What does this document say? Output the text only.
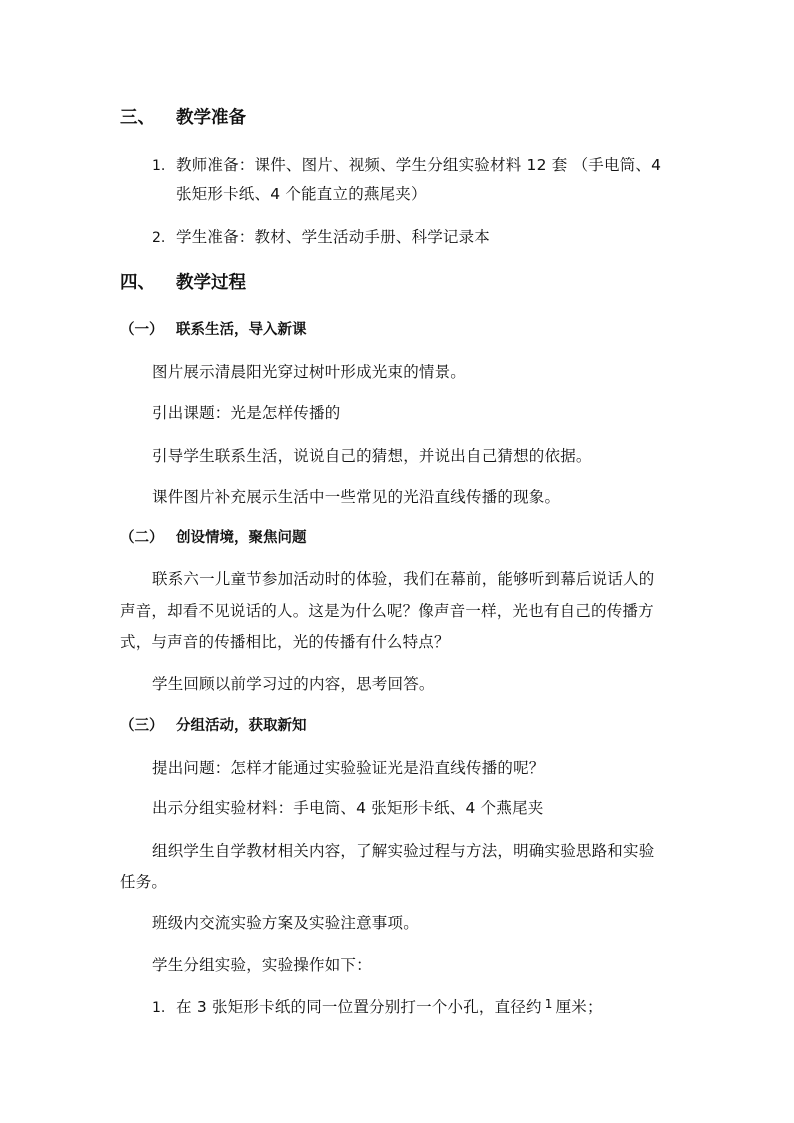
三、 教学准备
1. 教师准备：课件、图片、视频、学生分组实验材料 12 套 （手电筒、4
张矩形卡纸、4 个能直立的燕尾夹）
2. 学生准备：教材、学生活动手册、科学记录本
四、 教学过程
（一） 联系生活，导入新课
图片展示清晨阳光穿过树叶形成光束的情景。
引出课题：光是怎样传播的
引导学生联系生活，说说自己的猜想，并说出自己猜想的依据。
课件图片补充展示生活中一些常见的光沿直线传播的现象。
（二） 创设情境，聚焦问题
联系六一儿童节参加活动时的体验，我们在幕前，能够听到幕后说话人的
声音，却看不见说话的人。这是为什么呢？像声音一样，光也有自己的传播方
式，与声音的传播相比，光的传播有什么特点？
学生回顾以前学习过的内容，思考回答。
（三） 分组活动，获取新知
提出问题：怎样才能通过实验验证光是沿直线传播的呢？
出示分组实验材料：手电筒、4 张矩形卡纸、4 个燕尾夹
组织学生自学教材相关内容，了解实验过程与方法，明确实验思路和实验
任务。
班级内交流实验方案及实验注意事项。
学生分组实验，实验操作如下：
1. 在 3 张矩形卡纸的同一位置分别打一个小孔，直径约 $^1$ 厘米；
